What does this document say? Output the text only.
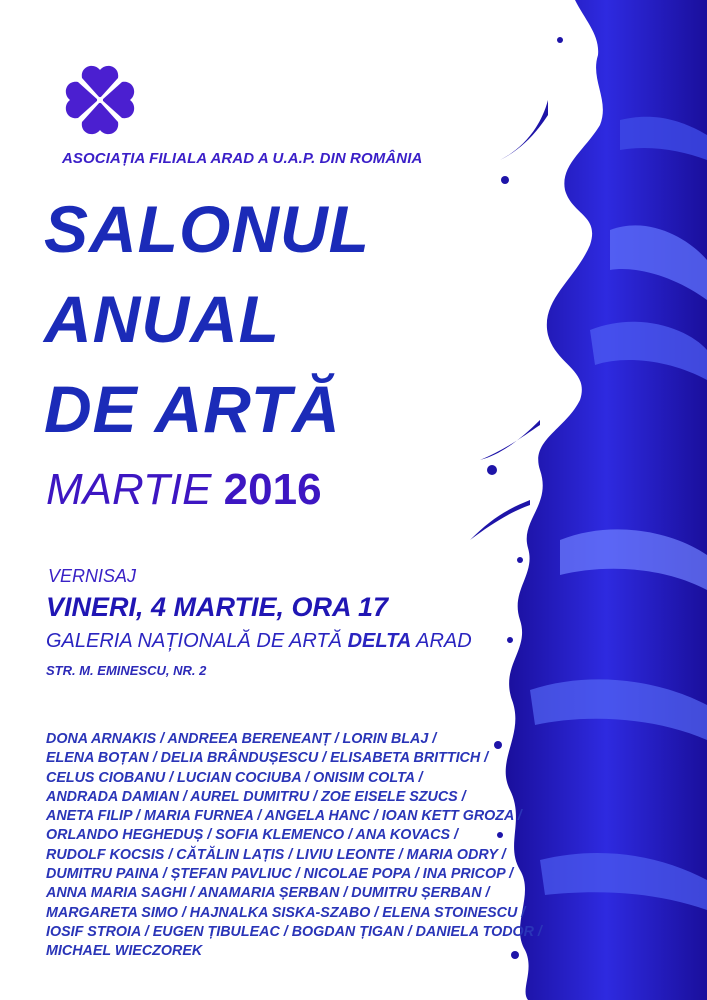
ASOCIAȚIA FILIALA ARAD A U.A.P. DIN ROMÂNIA
SALONUL
ANUAL
DE ARTĂ
MARTIE 2016
VERNISAJ
VINERI, 4 MARTIE, ORA 17
GALERIA NAȚIONALĂ DE ARTĂ DELTA ARAD
STR. M. EMINESCU, NR. 2
DONA ARNAKIS / ANDREEA BERENEANȚ / LORIN BLAJ /
ELENA BOȚAN / DELIA BRÂNDUȘESCU / ELISABETA BRITTICH /
CELUS CIOBANU / LUCIAN COCIUBA / ONISIM COLTA /
ANDRADA DAMIAN / AUREL DUMITRU / ZOE EISELE SZUCS /
ANETA FILIP / MARIA FURNEA / ANGELA HANC / IOAN KETT GROZA /
ORLANDO HEGHEDUȘ / SOFIA KLEMENCO / ANA KOVACS /
RUDOLF KOCSIS / CĂTĂLIN LAȚIS / LIVIU LEONTE / MARIA ODRY /
DUMITRU PAINA / ȘTEFAN PAVLIUC / NICOLAE POPA / INA PRICOP /
ANNA MARIA SAGHI / ANAMARIA ȘERBAN / DUMITRU ȘERBAN /
MARGARETA SIMO / HAJNALKA SISKA-SZABO / ELENA STOINESCU /
IOSIF STROIA / EUGEN ȚIBULEAC / BOGDAN ȚIGAN / DANIELA TODOR /
MICHAEL WIECZOREK
